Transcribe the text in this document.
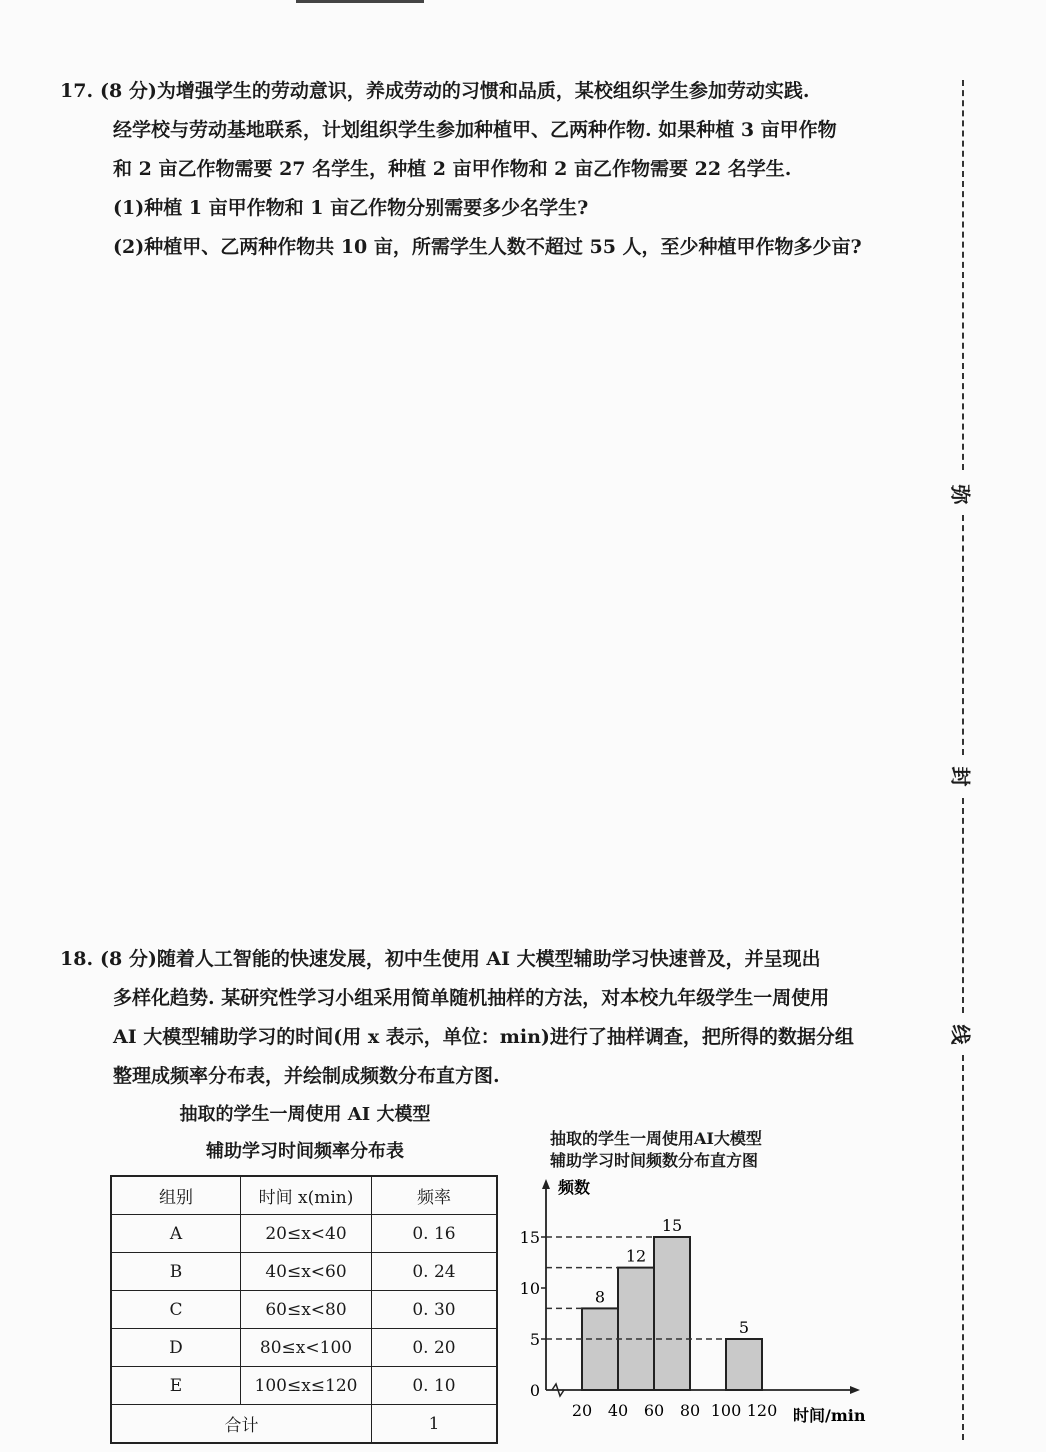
17. (8 分)为增强学生的劳动意识，养成劳动的习惯和品质，某校组织学生参加劳动实践.

经学校与劳动基地联系，计划组织学生参加种植甲、乙两种作物. 如果种植 3 亩甲作物

和 2 亩乙作物需要 27 名学生，种植 2 亩甲作物和 2 亩乙作物需要 22 名学生.

(1)种植 1 亩甲作物和 1 亩乙作物分别需要多少名学生?

(2)种植甲、乙两种作物共 10 亩，所需学生人数不超过 55 人，至少种植甲作物多少亩?

18. (8 分)随着人工智能的快速发展，初中生使用 AI 大模型辅助学习快速普及，并呈现出

多样化趋势. 某研究性学习小组采用简单随机抽样的方法，对本校九年级学生一周使用

AI 大模型辅助学习的时间(用 x 表示，单位：min)进行了抽样调查，把所得的数据分组

整理成频率分布表，并绘制成频数分布直方图.

弥
封
线
抽取的学生一周使用 AI 大模型
辅助学习时间频率分布表
组别	时间 x(min)	频率
A	20≤x<40	0. 16
B	40≤x<60	0. 24
C	60≤x<80	0. 30
D	80≤x<100	0. 20
E	100≤x≤120	0. 10
合计		1
抽取的学生一周使用AI大模型
辅助学习时间频数分布直方图
8
12
15
5
0
5
10
15
20 40 60 80 100 120
频数
时间/min
